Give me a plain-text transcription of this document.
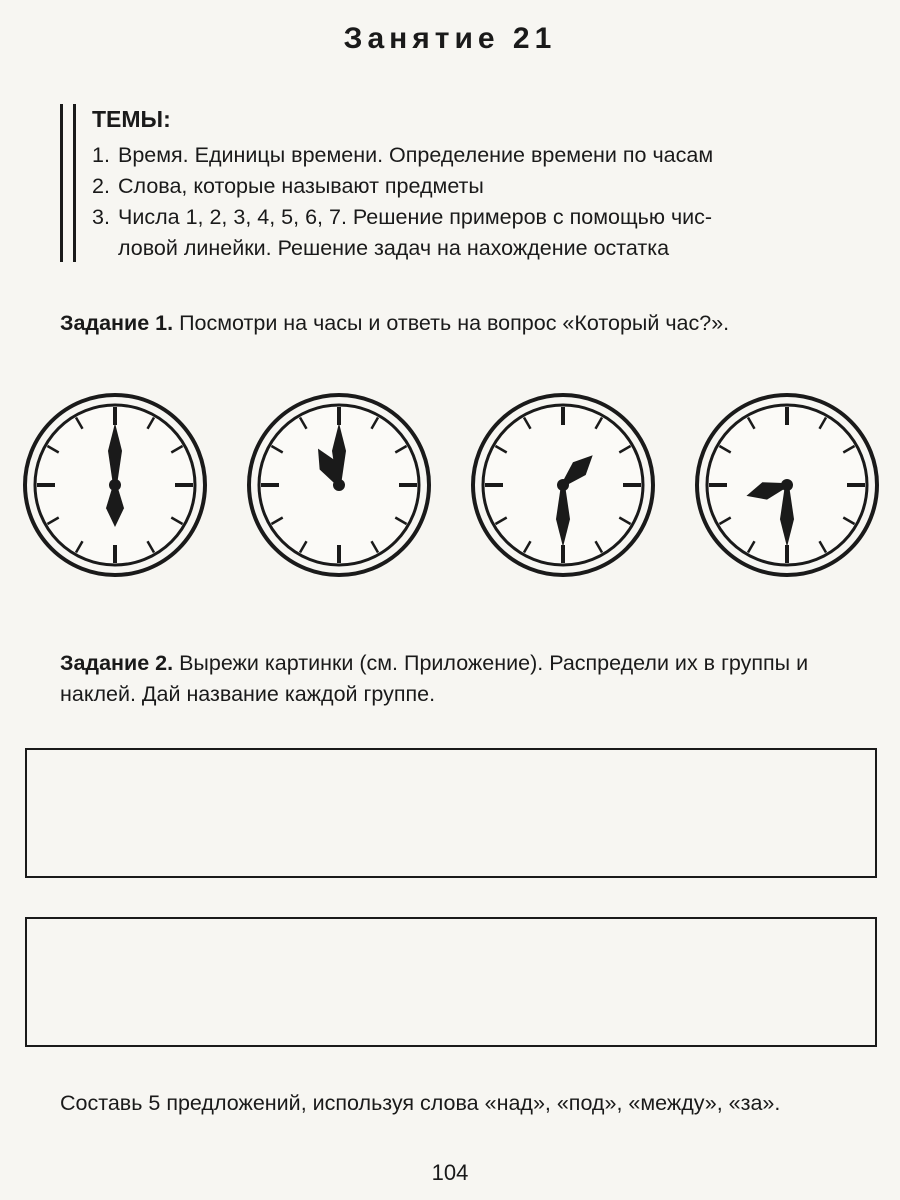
Занятие 21
ТЕМЫ:
1. Время. Единицы времени. Определение времени по часам
2. Слова, которые называют предметы
3. Числа 1, 2, 3, 4, 5, 6, 7. Решение примеров с помощью чис-
ловой линейки. Решение задач на нахождение остатка
Задание 1. Посмотри на часы и ответь на вопрос «Который час?».
Задание 2. Вырежи картинки (см. Приложение). Распредели их в группы и наклей. Дай название каждой группе.
Составь 5 предложений, используя слова «над», «под», «между», «за».
104
